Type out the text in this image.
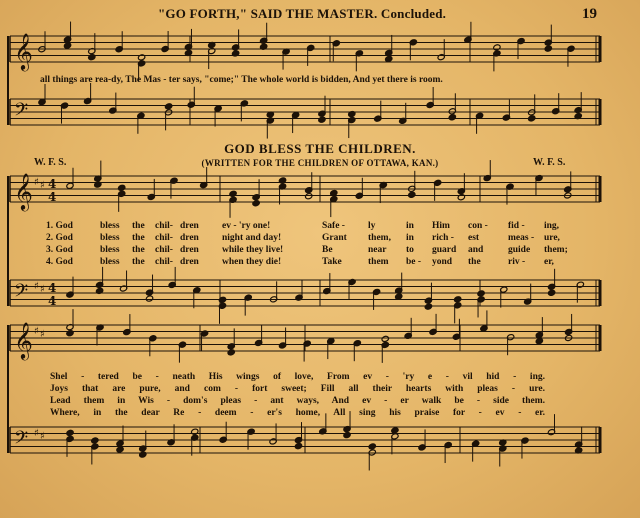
"GO FORTH," SAID THE MASTER. Concluded.	19
GOD BLESS THE CHILDREN.
W. F. S.	(WRITTEN FOR THE CHILDREN OF OTTAWA, KAN.)	W. F. S.
𝄞
𝄢
𝄞
𝄢
𝄞
𝄢
♯ ♯ 4
4
♯ ♯ 4
4
♯ ♯
♯ ♯
all things are rea-dy, The Mas - ter says, "come;" The whole world is bidden, And yet there is room.
1. God	bless the chil- dren ev - 'ry one!	Safe - ly	in Him con - fid - ing,
2. God	bless the chil- dren night and day!	Grant them, in rich - est	meas - ure,
3. God	bless the chil- dren while they live!	Be	near to guard and	guide them;
4. God	bless the chil- dren when they die!	Take	them be - yond the	riv - er,
Shel - tered be - neath His wings of love, From ev - 'ry e - vil hid - ing.
Joys that are pure, and com - fort sweet; Fill all their hearts with pleas - ure.
Lead them in Wis - dom's pleas - ant ways, And ev - er walk be - side them.
Where, in the dear Re - deem - er's home, All sing his praise for - ev - er.
